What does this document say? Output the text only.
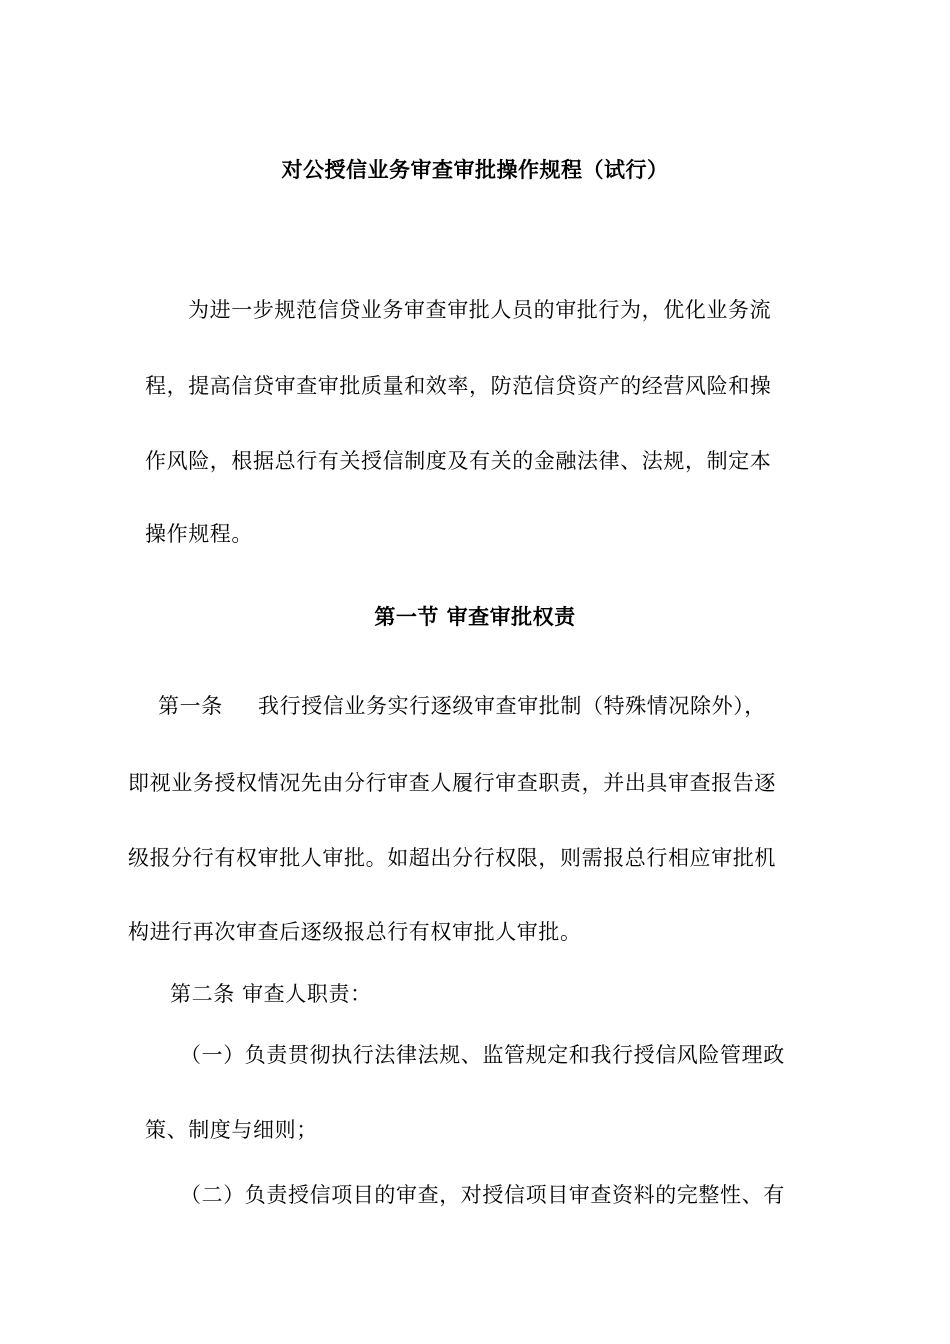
对公授信业务审查审批操作规程（试行）
为进一步规范信贷业务审查审批人员的审批行为，优化业务流
程，提高信贷审查审批质量和效率，防范信贷资产的经营风险和操
作风险，根据总行有关授信制度及有关的金融法律、法规，制定本
操作规程。
第一节 审查审批权责
第一条 我行授信业务实行逐级审查审批制（特殊情况除外），
即视业务授权情况先由分行审查人履行审查职责，并出具审查报告逐
级报分行有权审批人审批。如超出分行权限，则需报总行相应审批机
构进行再次审查后逐级报总行有权审批人审批。
第二条 审查人职责：
（一）负责贯彻执行法律法规、监管规定和我行授信风险管理政
策、制度与细则；
（二）负责授信项目的审查，对授信项目审查资料的完整性、有
